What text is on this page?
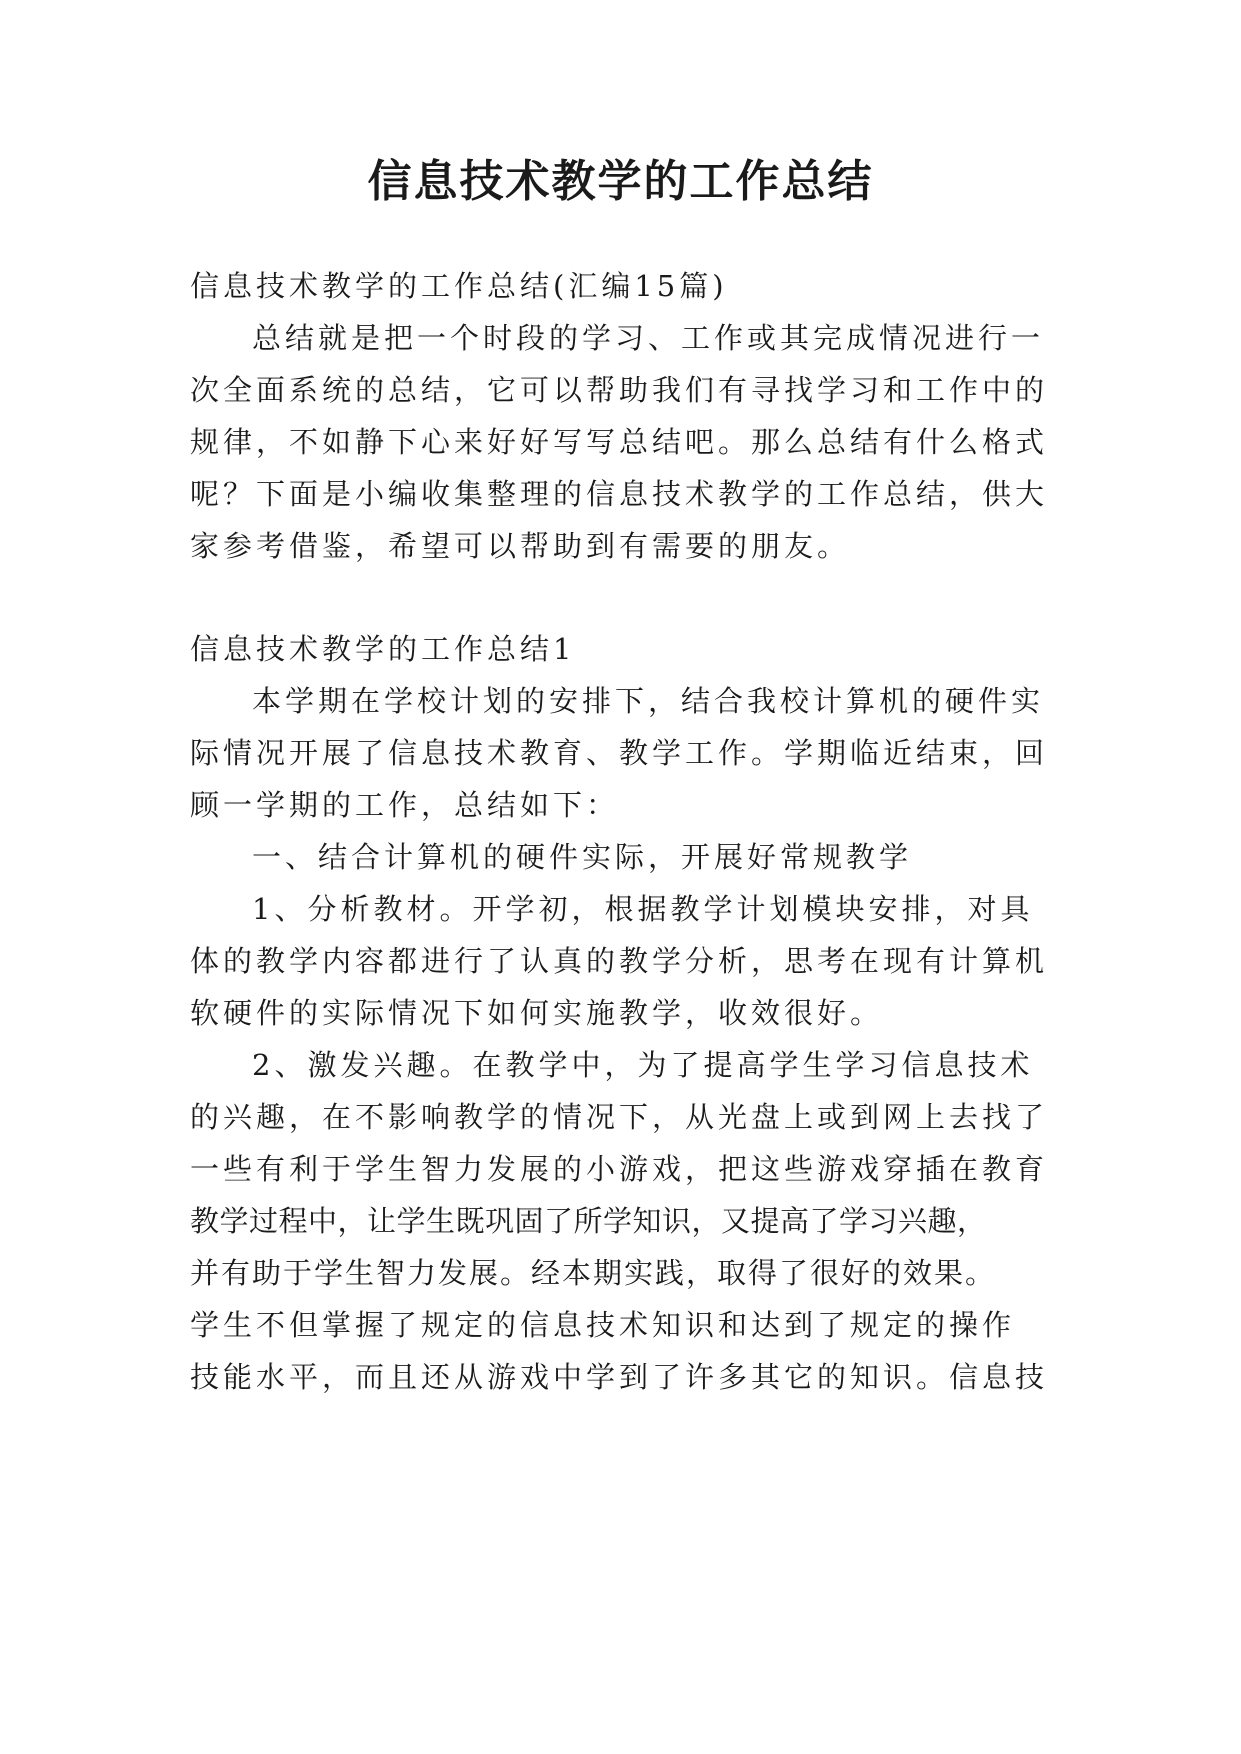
信息技术教学的工作总结
信息技术教学的工作总结(汇编15篇)
总结就是把一个时段的学习、工作或其完成情况进行一
次全面系统的总结，它可以帮助我们有寻找学习和工作中的
规律，不如静下心来好好写写总结吧。那么总结有什么格式
呢？下面是小编收集整理的信息技术教学的工作总结，供大
家参考借鉴，希望可以帮助到有需要的朋友。
信息技术教学的工作总结1
本学期在学校计划的安排下，结合我校计算机的硬件实
际情况开展了信息技术教育、教学工作。学期临近结束，回
顾一学期的工作，总结如下：
一、结合计算机的硬件实际，开展好常规教学
1、分析教材。开学初，根据教学计划模块安排，对具
体的教学内容都进行了认真的教学分析，思考在现有计算机
软硬件的实际情况下如何实施教学，收效很好。
2、激发兴趣。在教学中，为了提高学生学习信息技术
的兴趣，在不影响教学的情况下，从光盘上或到网上去找了
一些有利于学生智力发展的小游戏，把这些游戏穿插在教育
教学过程中，让学生既巩固了所学知识，又提高了学习兴趣，
并有助于学生智力发展。经本期实践，取得了很好的效果。
学生不但掌握了规定的信息技术知识和达到了规定的操作
技能水平，而且还从游戏中学到了许多其它的知识。信息技
